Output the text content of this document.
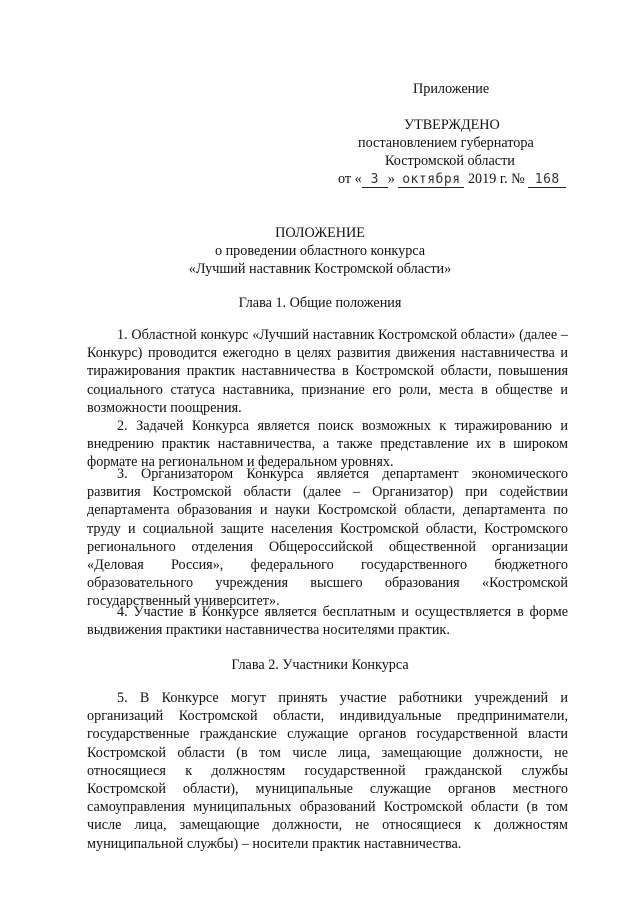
Приложение
УТВЕРЖДЕНО
постановлением губернатора
Костромской области
от « 3 » октября 2019 г. № 168
ПОЛОЖЕНИЕ
о проведении областного конкурса
«Лучший наставник Костромской области»
Глава 1. Общие положения
1. Областной конкурс «Лучший наставник Костромской области» (далее – Конкурс) проводится ежегодно в целях развития движения наставничества и тиражирования практик наставничества в Костромской области, повышения социального статуса наставника, признание его роли, места в обществе и возможности поощрения.
2. Задачей Конкурса является поиск возможных к тиражированию и внедрению практик наставничества, а также представление их в широком формате на региональном и федеральном уровнях.
3. Организатором Конкурса является департамент экономического развития Костромской области (далее – Организатор) при содействии департамента образования и науки Костромской области, департамента по труду и социальной защите населения Костромской области, Костромского регионального отделения Общероссийской общественной организации «Деловая Россия», федерального государственного бюджетного образовательного учреждения высшего образования «Костромской государственный университет».
4. Участие в Конкурсе является бесплатным и осуществляется в форме выдвижения практики наставничества носителями практик.
Глава 2. Участники Конкурса
5. В Конкурсе могут принять участие работники учреждений и организаций Костромской области, индивидуальные предприниматели, государственные гражданские служащие органов государственной власти Костромской области (в том числе лица, замещающие должности, не относящиеся к должностям государственной гражданской службы Костромской области), муниципальные служащие органов местного самоуправления муниципальных образований Костромской области (в том числе лица, замещающие должности, не относящиеся к должностям муниципальной службы) – носители практик наставничества.
